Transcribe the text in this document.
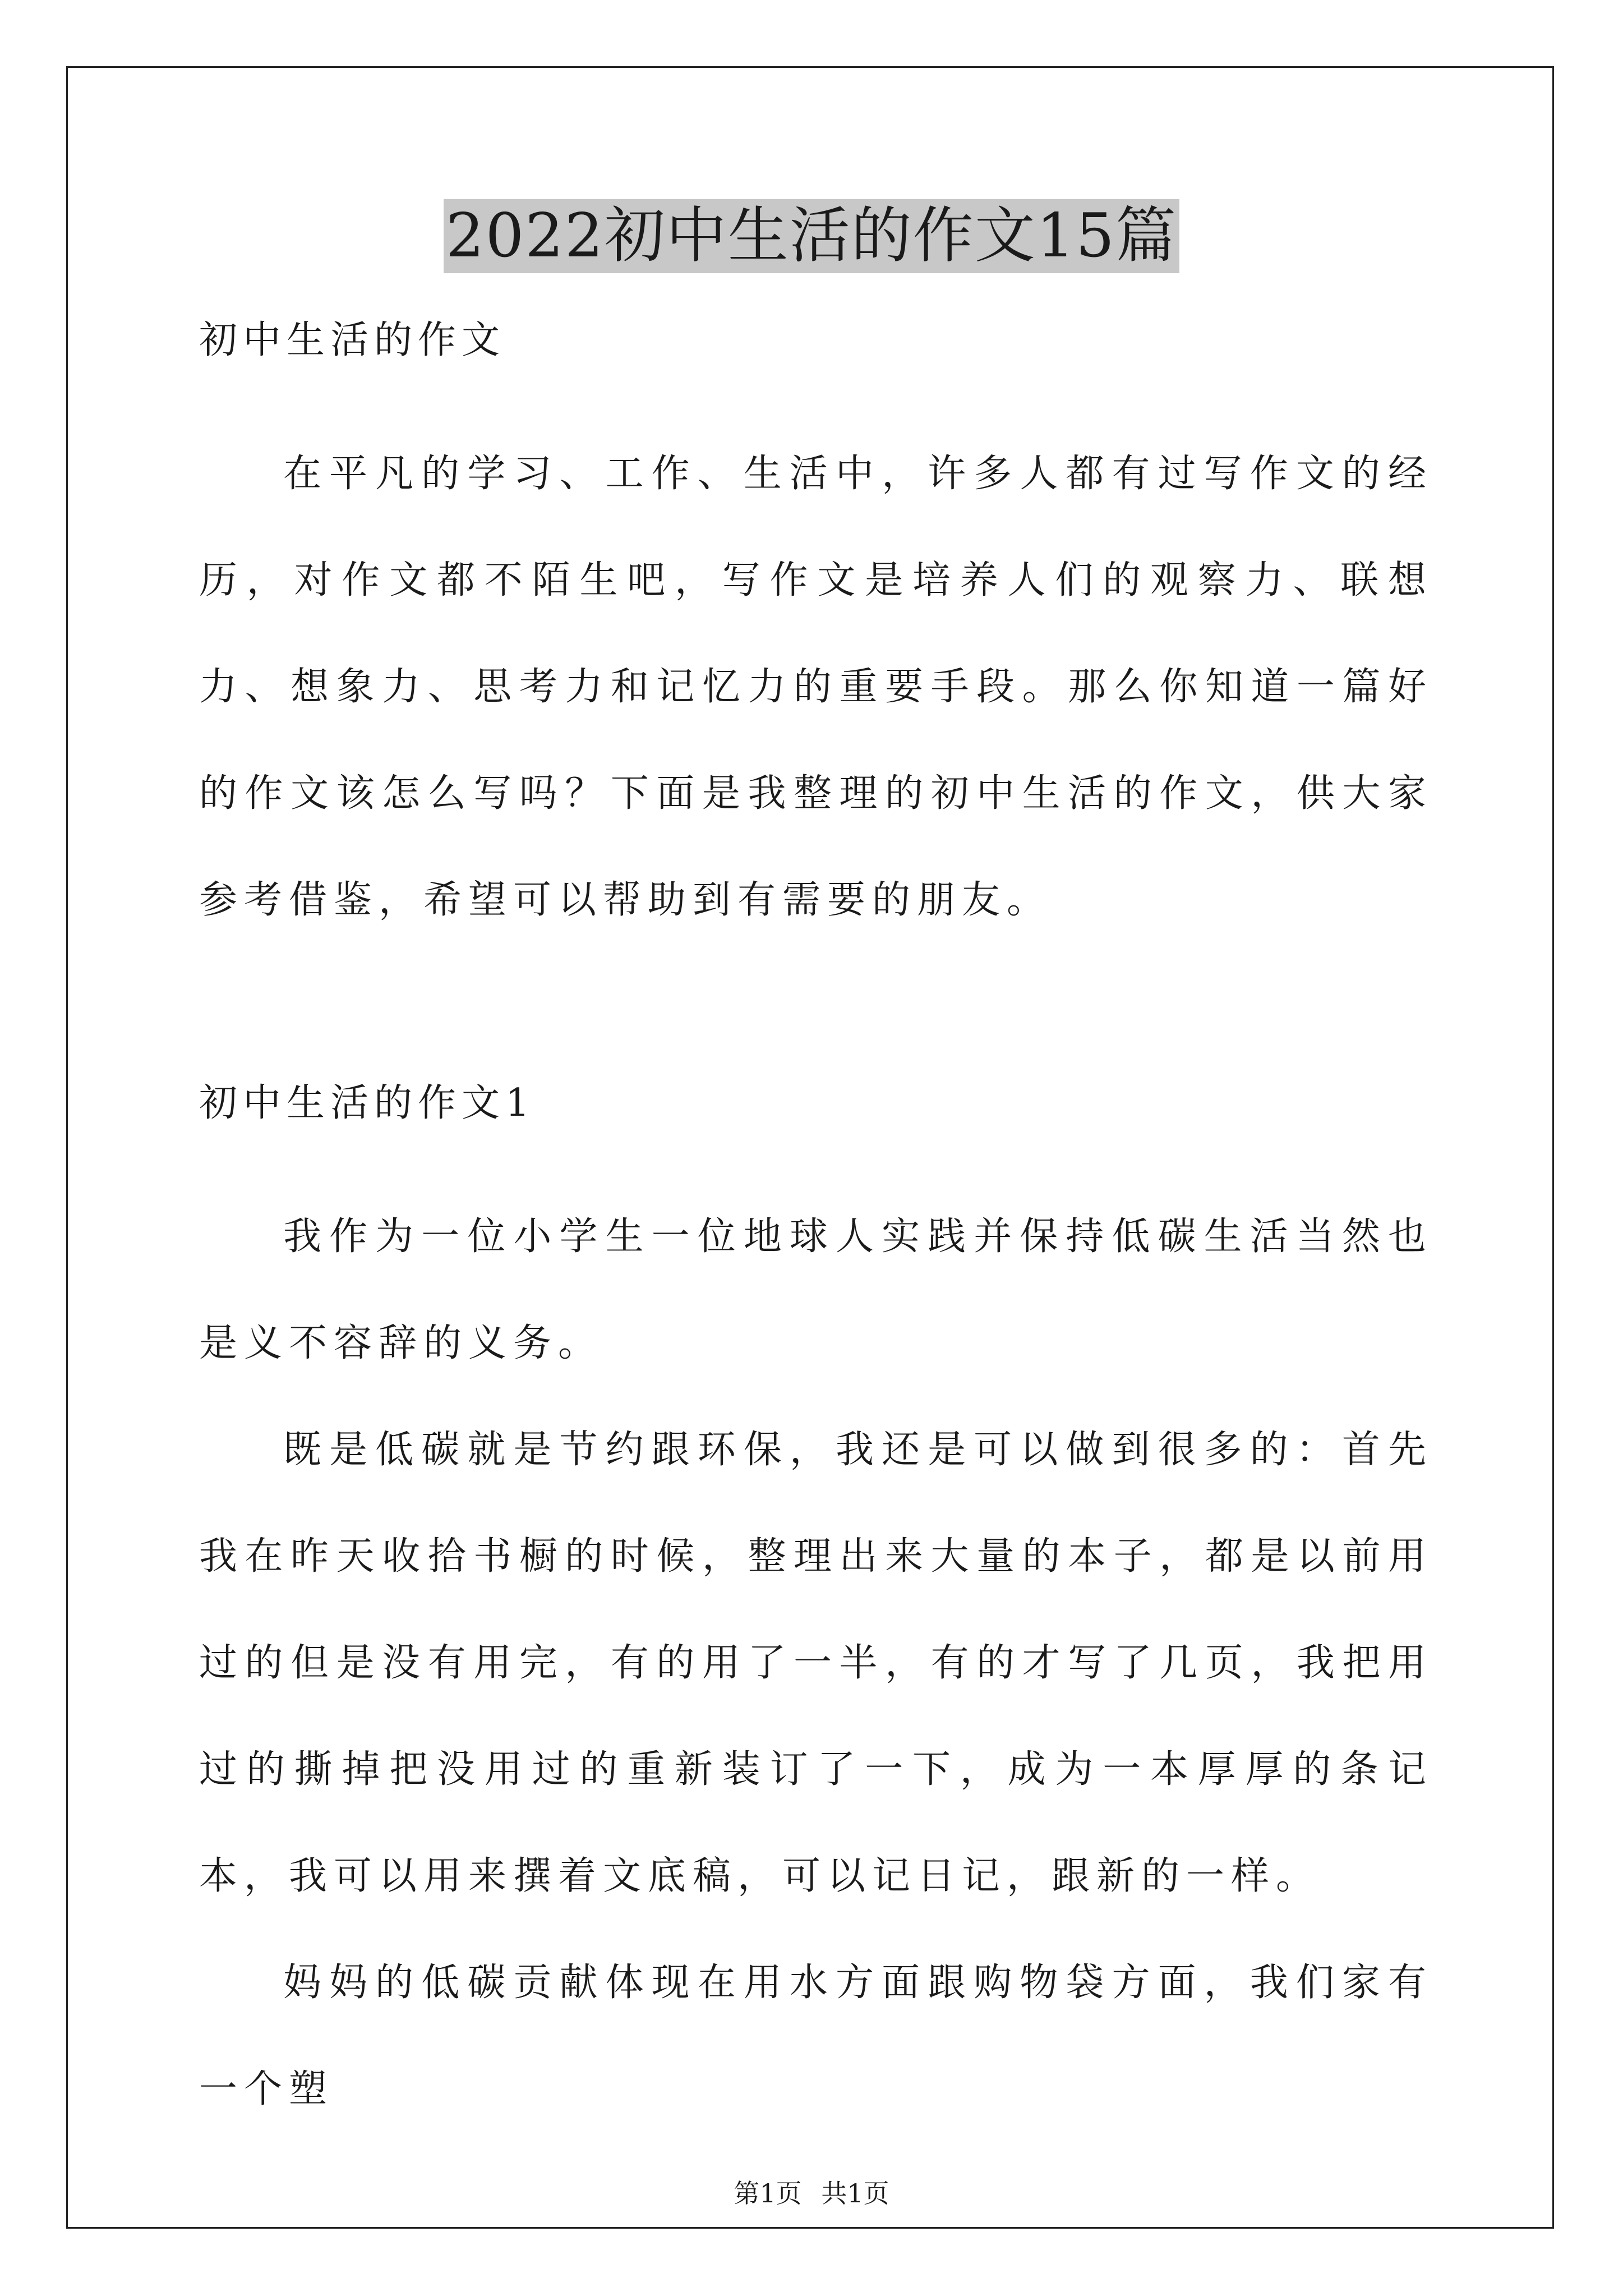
2022初中生活的作文15篇

初中生活的作文

在平凡的学习、工作、生活中，许多人都有过写作文的经历，对作文都不陌生吧，写作文是培养人们的观察力、联想力、想象力、思考力和记忆力的重要手段。那么你知道一篇好的作文该怎么写吗？下面是我整理的初中生活的作文，供大家参考借鉴，希望可以帮助到有需要的朋友。

初中生活的作文1

我作为一位小学生一位地球人实践并保持低碳生活当然也是义不容辞的义务。

既是低碳就是节约跟环保，我还是可以做到很多的：首先我在昨天收拾书橱的时候，整理出来大量的本子，都是以前用过的但是没有用完，有的用了一半，有的才写了几页，我把用过的撕掉把没用过的重新装订了一下，成为一本厚厚的条记本，我可以用来撰着文底稿，可以记日记，跟新的一样。

妈妈的低碳贡献体现在用水方面跟购物袋方面，我们家有一个塑

第1页 共1页
